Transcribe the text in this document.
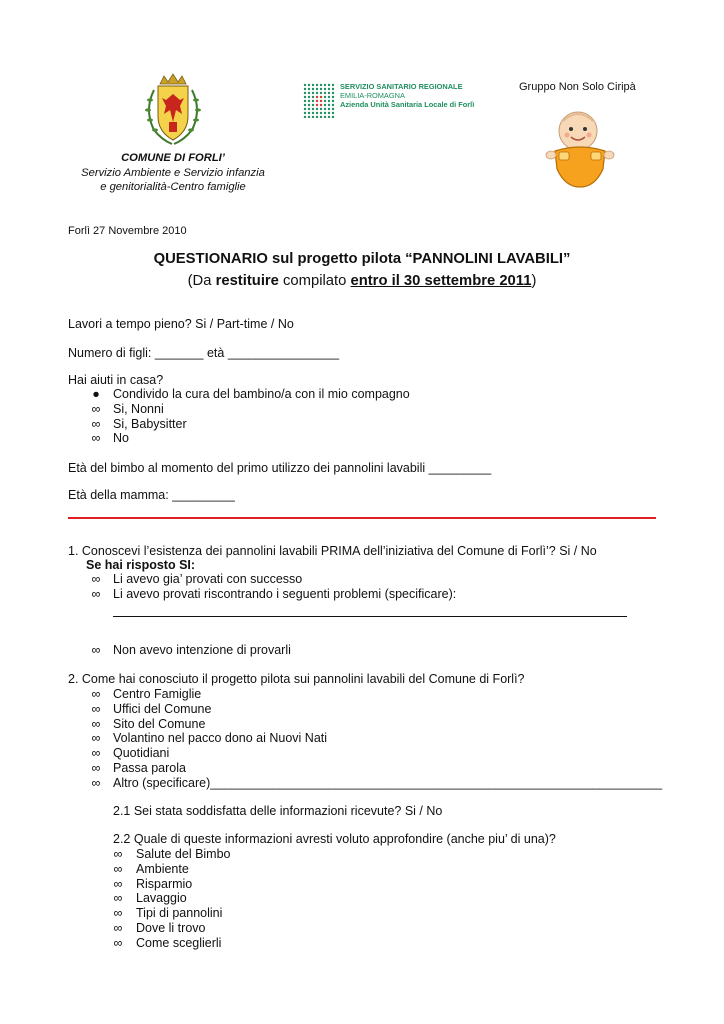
SERVIZIO SANITARIO REGIONALE
EMILIA-ROMAGNA
Azienda Unità Sanitaria Locale di Forlì
Gruppo Non Solo Ciripà
COMUNE DI FORLI’
Servizio Ambiente e Servizio infanzia
e genitorialità-Centro famiglie
Forlì 27 Novembre 2010
QUESTIONARIO sul progetto pilota “PANNOLINI LAVABILI”
(Da restituire compilato entro il 30 settembre 2011)
Lavori a tempo pieno? Si / Part-time / No
Numero di figli: _______ età ________________
Hai aiuti in casa?
● Condivido la cura del bambino/a con il mio compagno
∞ Si, Nonni
∞ Si, Babysitter
∞ No
Età del bimbo al momento del primo utilizzo dei pannolini lavabili _________
Età della mamma: _________
1. Conoscevi l’esistenza dei pannolini lavabili PRIMA dell’iniziativa del Comune di Forlì’? Si / No
Se hai risposto SI:
∞ Li avevo gia’ provati con successo
∞ Li avevo provati riscontrando i seguenti problemi (specificare):
∞ Non avevo intenzione di provarli
2. Come hai conosciuto il progetto pilota sui pannolini lavabili del Comune di Forlì?
∞ Centro Famiglie
∞ Uffici del Comune
∞ Sito del Comune
∞ Volantino nel pacco dono ai Nuovi Nati
∞ Quotidiani
∞ Passa parola
∞ Altro (specificare)_________________________________________________________________
2.1 Sei stata soddisfatta delle informazioni ricevute? Si / No
2.2 Quale di queste informazioni avresti voluto approfondire (anche piu’ di una)?
∞ Salute del Bimbo
∞ Ambiente
∞ Risparmio
∞ Lavaggio
∞ Tipi di pannolini
∞ Dove li trovo
∞ Come sceglierli
